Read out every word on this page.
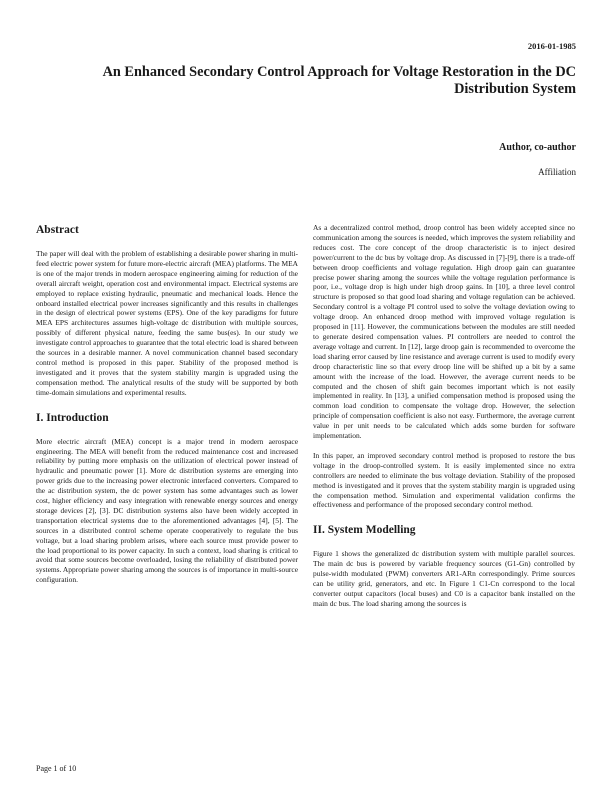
2016-01-1985
An Enhanced Secondary Control Approach for Voltage Restoration in the DC Distribution System
Author, co-author
Affiliation
Abstract

The paper will deal with the problem of establishing a desirable power sharing in multi-feed electric power system for future more-electric aircraft (MEA) platforms. The MEA is one of the major trends in modern aerospace engineering aiming for reduction of the overall aircraft weight, operation cost and environmental impact. Electrical systems are employed to replace existing hydraulic, pneumatic and mechanical loads. Hence the onboard installed electrical power increases significantly and this results in challenges in the design of electrical power systems (EPS). One of the key paradigms for future MEA EPS architectures assumes high-voltage dc distribution with multiple sources, possibly of different physical nature, feeding the same bus(es). In our study we investigate control approaches to guarantee that the total electric load is shared between the sources in a desirable manner. A novel communication channel based secondary control method is proposed in this paper. Stability of the proposed method is investigated and it proves that the system stability margin is upgraded using the compensation method. The analytical results of the study will be supported by both time-domain simulations and experimental results.

I. Introduction

More electric aircraft (MEA) concept is a major trend in modern aerospace engineering. The MEA will benefit from the reduced maintenance cost and increased reliability by putting more emphasis on the utilization of electrical power instead of hydraulic and pneumatic power [1]. More dc distribution systems are emerging into power grids due to the increasing power electronic interfaced converters. Compared to the ac distribution system, the dc power system has some advantages such as lower cost, higher efficiency and easy integration with renewable energy sources and energy storage devices [2], [3]. DC distribution systems also have been widely accepted in transportation electrical systems due to the aforementioned advantages [4], [5]. The sources in a distributed control scheme operate cooperatively to regulate the bus voltage, but a load sharing problem arises, where each source must provide power to the load proportional to its power capacity. In such a context, load sharing is critical to avoid that some sources become overloaded, losing the reliability of distributed power systems. Appropriate power sharing among the sources is of importance in multi-source configuration.

As a decentralized control method, droop control has been widely accepted since no communication among the sources is needed, which improves the system reliability and reduces cost. The core concept of the droop characteristic is to inject desired power/current to the dc bus by voltage drop. As discussed in [7]-[9], there is a trade-off between droop coefficients and voltage regulation. High droop gain can guarantee precise power sharing among the sources while the voltage regulation performance is poor, i.e., voltage drop is high under high droop gains. In [10], a three level control structure is proposed so that good load sharing and voltage regulation can be achieved. Secondary control is a voltage PI control used to solve the voltage deviation owing to voltage droop. An enhanced droop method with improved voltage regulation is proposed in [11]. However, the communications between the modules are still needed to generate desired compensation values. PI controllers are needed to control the average voltage and current. In [12], large droop gain is recommended to overcome the load sharing error caused by line resistance and average current is used to modify every droop characteristic line so that every droop line will be shifted up a bit by a same amount with the increase of the load. However, the average current needs to be computed and the chosen of shift gain becomes important which is not easily implemented in reality. In [13], a unified compensation method is proposed using the common load condition to compensate the voltage drop. However, the selection principle of compensation coefficient is also not easy. Furthermore, the average current value in per unit needs to be calculated which adds some burden for software implementation.

In this paper, an improved secondary control method is proposed to restore the bus voltage in the droop-controlled system. It is easily implemented since no extra controllers are needed to eliminate the bus voltage deviation. Stability of the proposed method is investigated and it proves that the system stability margin is upgraded using the compensation method. Simulation and experimental validation confirms the effectiveness and performance of the proposed secondary control method.

II. System Modelling

Figure 1 shows the generalized dc distribution system with multiple parallel sources. The main dc bus is powered by variable frequency sources (G1-Gn) controlled by pulse-width modulated (PWM) converters AR1-ARn correspondingly. Prime sources can be utility grid, generators, and etc. In Figure 1 C1-Cn correspond to the local converter output capacitors (local buses) and C0 is a capacitor bank installed on the main dc bus. The load sharing among the sources is

Page 1 of 10
